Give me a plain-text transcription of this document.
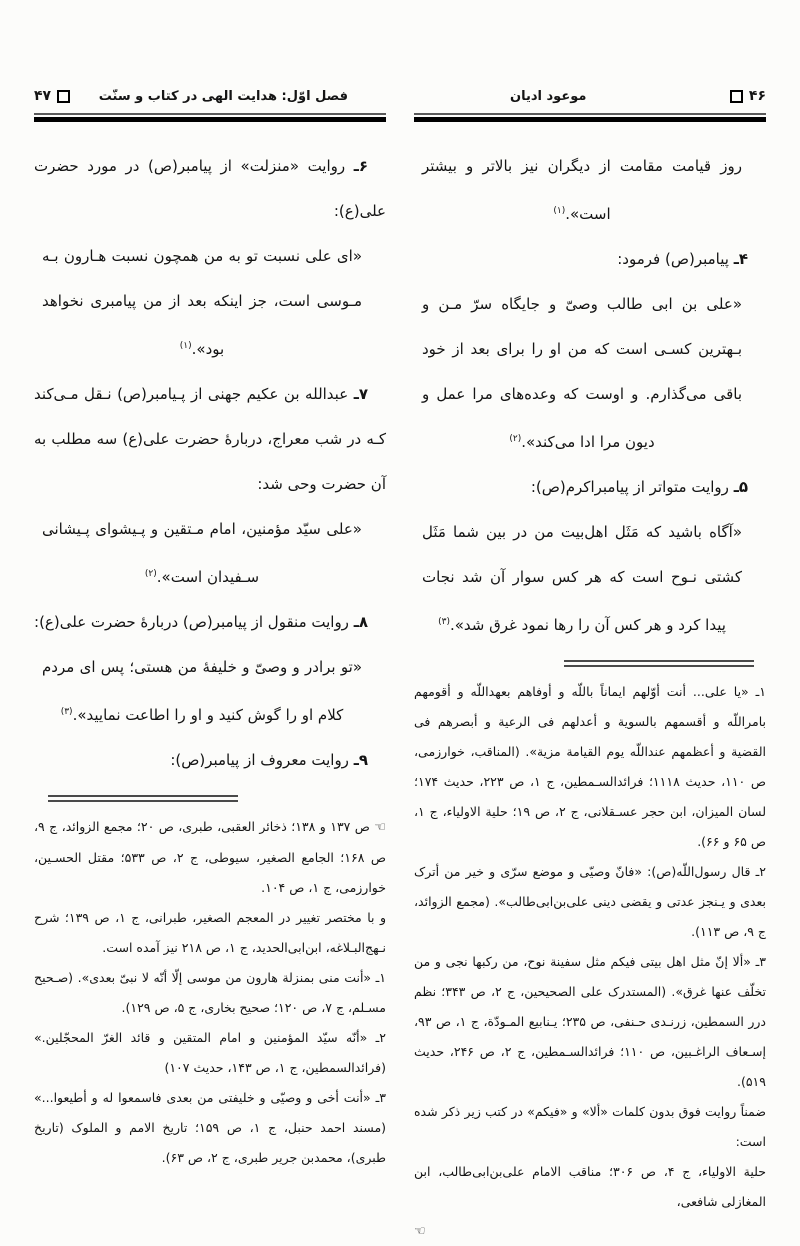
۴۶
موعود ادیان

روز قیامت مقامت از دیگران نیز بالاتر و بیشتر است».$^{(۱)}$

۴ـ پیامبر(ص) فرمود:

«علی بن ابی طالب وصیّ و جایگاه سرّ مـن و بـهترین کسـی است که من او را برای بعد از خود باقی می‌گذارم. و اوست که وعده‌های مرا عمل و دیون مرا ادا می‌کند».$^{(۲)}$

۵ـ روایت متواتر از پیامبراکرم(ص):

«آگاه باشید که مَثَل اهل‌بیت من در بین شما مَثَل کشتی نـوح است که هر کس سوار آن شد نجات پیدا کرد و هر کس آن را رها نمود غرق شد».$^{(۳)}$

۱ـ «یا علی... أنت أوّلهم ایماناً باللّه و أوفاهم بعهداللّه و أقومهم بامراللّه و أقسمهم بالسویة و أعدلهم فی الرعیة و أبصرهم فی القضیة و أعظمهم عنداللّه یوم القیامة مزیة». (المناقب، خوارزمی، ص ۱۱۰، حدیث ۱۱۱۸؛ فرائدالسـمطین، ج ۱، ص ۲۲۳، حدیث ۱۷۴؛ لسان المیزان، ابن حجر عسـقلانی، ج ۲، ص ۱۹؛ حلیة الاولیاء، ج ۱، ص ۶۵ و ۶۶).

۲ـ قال رسول‌اللّه(ص): «فانّ وصیّی و موضع سرّی و خیر من أترک بعدی و یـنجز عدتی و یقضی دینی علی‌بن‌ابی‌طالب». (مجمع الزوائد، ج ۹، ص ۱۱۳).

۳ـ «ألا إنّ مثل اهل بیتی فیکم مثل سفینة نوح، من رکبها نجی و من تخلّف عنها غرق». (المستدرک علی الصحیحین، ج ۲، ص ۳۴۳؛ نظم درر السمطین، زرنـدی حـنفی، ص ۲۳۵؛ یـنابیع المـودّة، ج ۱، ص ۹۳، إسـعاف الراغـبین، ص ۱۱۰؛ فرائدالسـمطین، ج ۲، ص ۲۴۶، حدیث ۵۱۹).

ضمناً روایت فوق بدون کلمات «ألا» و «فیکم» در کتب زیر ذکر شده است:

حلیة الاولیاء، ج ۴، ص ۳۰۶؛ مناقب الامام علی‌بن‌ابی‌طالب، ابن المغازلی شافعی،

☜

فصل اوّل: هدایت الهی در کتاب و سنّت
۴۷

۶ـ روایت «منزلت» از پیامبر(ص) در مورد حضرت علی(ع):

«ای علی نسبت تو به من همچون نسبت هـارون بـه مـوسی است، جز اینکه بعد از من پیامبری نخواهد بود».$^{(۱)}$

۷ـ عبدالله بن عکیم جهنی از پـیامبر(ص) نـقل مـی‌کند کـه در شب معراج، دربارۀ حضرت علی(ع) سه مطلب به آن حضرت وحی شد:

«علی سیّد مؤمنین، امام مـتقین و پـیشوای پـیشانی سـفیدان است».$^{(۲)}$

۸ـ روایت منقول از پیامبر(ص) دربارۀ حضرت علی(ع):

«تو برادر و وصیّ و خلیفۀ من هستی؛ پس ای مردم کلام او را گوش کنید و او را اطاعت نمایید».$^{(۳)}$

۹ـ روایت معروف از پیامبر(ص):

☜ ص ۱۳۷ و ۱۳۸؛ ذخائر العقبی، طبری، ص ۲۰؛ مجمع الزوائد، ج ۹، ص ۱۶۸؛ الجامع الصغیر، سیوطی، ج ۲، ص ۵۳۳؛ مقتل الحسـین، خوارزمی، ج ۱، ص ۱۰۴.

و با مختصر تغییر در المعجم الصغیر، طبرانی، ج ۱، ص ۱۳۹؛ شرح نـهج‌البـلاغه، ابن‌ابی‌الحدید، ج ۱، ص ۲۱۸ نیز آمده است.

۱ـ «أنت منی بمنزلة هارون من موسی إلّا أنّه لا نبیّ بعدی». (صـحیح مسـلم، ج ۷، ص ۱۲۰؛ صحیح بخاری، ج ۵، ص ۱۲۹).

۲ـ «أنّه سیّد المؤمنین و امام المتقین و قائد الغرّ المحجّلین.» (فرائدالسمطین، ج ۱، ص ۱۴۳، حدیث ۱۰۷)

۳ـ «أنت أخی و وصیّی و خلیفتی من بعدی فاسمعوا له و أطیعوا...» (مسند احمد حنبل، ج ۱، ص ۱۵۹؛ تاریخ الامم و الملوک (تاریخ طبری)، محمدبن جریر طبری، ج ۲، ص ۶۳).
